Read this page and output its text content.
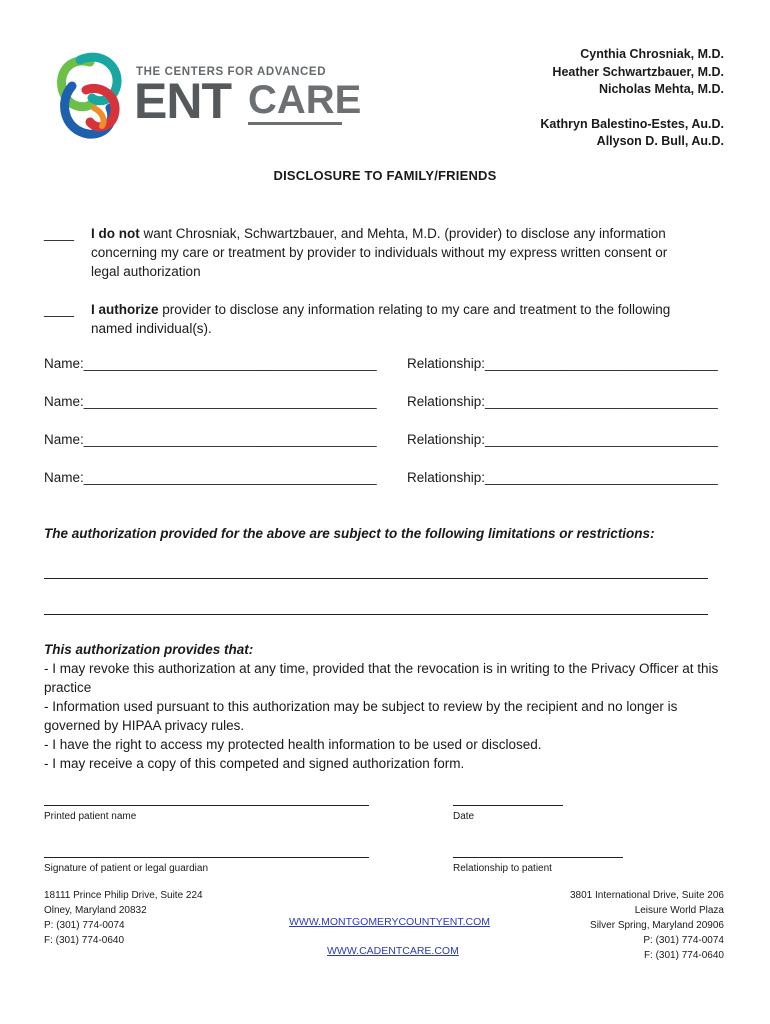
THE CENTERS FOR ADVANCED
ENT CARE
Cynthia Chrosniak, M.D.
Heather Schwartzbauer, M.D.
Nicholas Mehta, M.D.
Kathryn Balestino-Estes, Au.D.
Allyson D. Bull, Au.D.
DISCLOSURE TO FAMILY/FRIENDS
____ I do not want Chrosniak, Schwartzbauer, and Mehta, M.D. (provider) to disclose any information
concerning my care or treatment by provider to individuals without my express written consent or
legal authorization
____ I authorize provider to disclose any information relating to my care and treatment to the following
named individual(s).
Name:_______________________________________ Relationship:_______________________________
Name:_______________________________________ Relationship:_______________________________
Name:_______________________________________ Relationship:_______________________________
Name:_______________________________________ Relationship:_______________________________
The authorization provided for the above are subject to the following limitations or restrictions:
This authorization provides that:
- I may revoke this authorization at any time, provided that the revocation is in writing to the Privacy Officer at this practice
- Information used pursuant to this authorization may be subject to review by the recipient and no longer is governed by HIPAA privacy rules.
- I have the right to access my protected health information to be used or disclosed.
- I may receive a copy of this competed and signed authorization form.
Printed patient name	Date
Signature of patient or legal guardian	Relationship to patient
18111 Prince Philip Drive, Suite 224
Olney, Maryland 20832
P: (301) 774-0074
F: (301) 774-0640
3801 International Drive, Suite 206
Leisure World Plaza
Silver Spring, Maryland 20906
P: (301) 774-0074
F: (301) 774-0640
WWW.MONTGOMERYCOUNTYENT.COM
WWW.CADENTCARE.COM
